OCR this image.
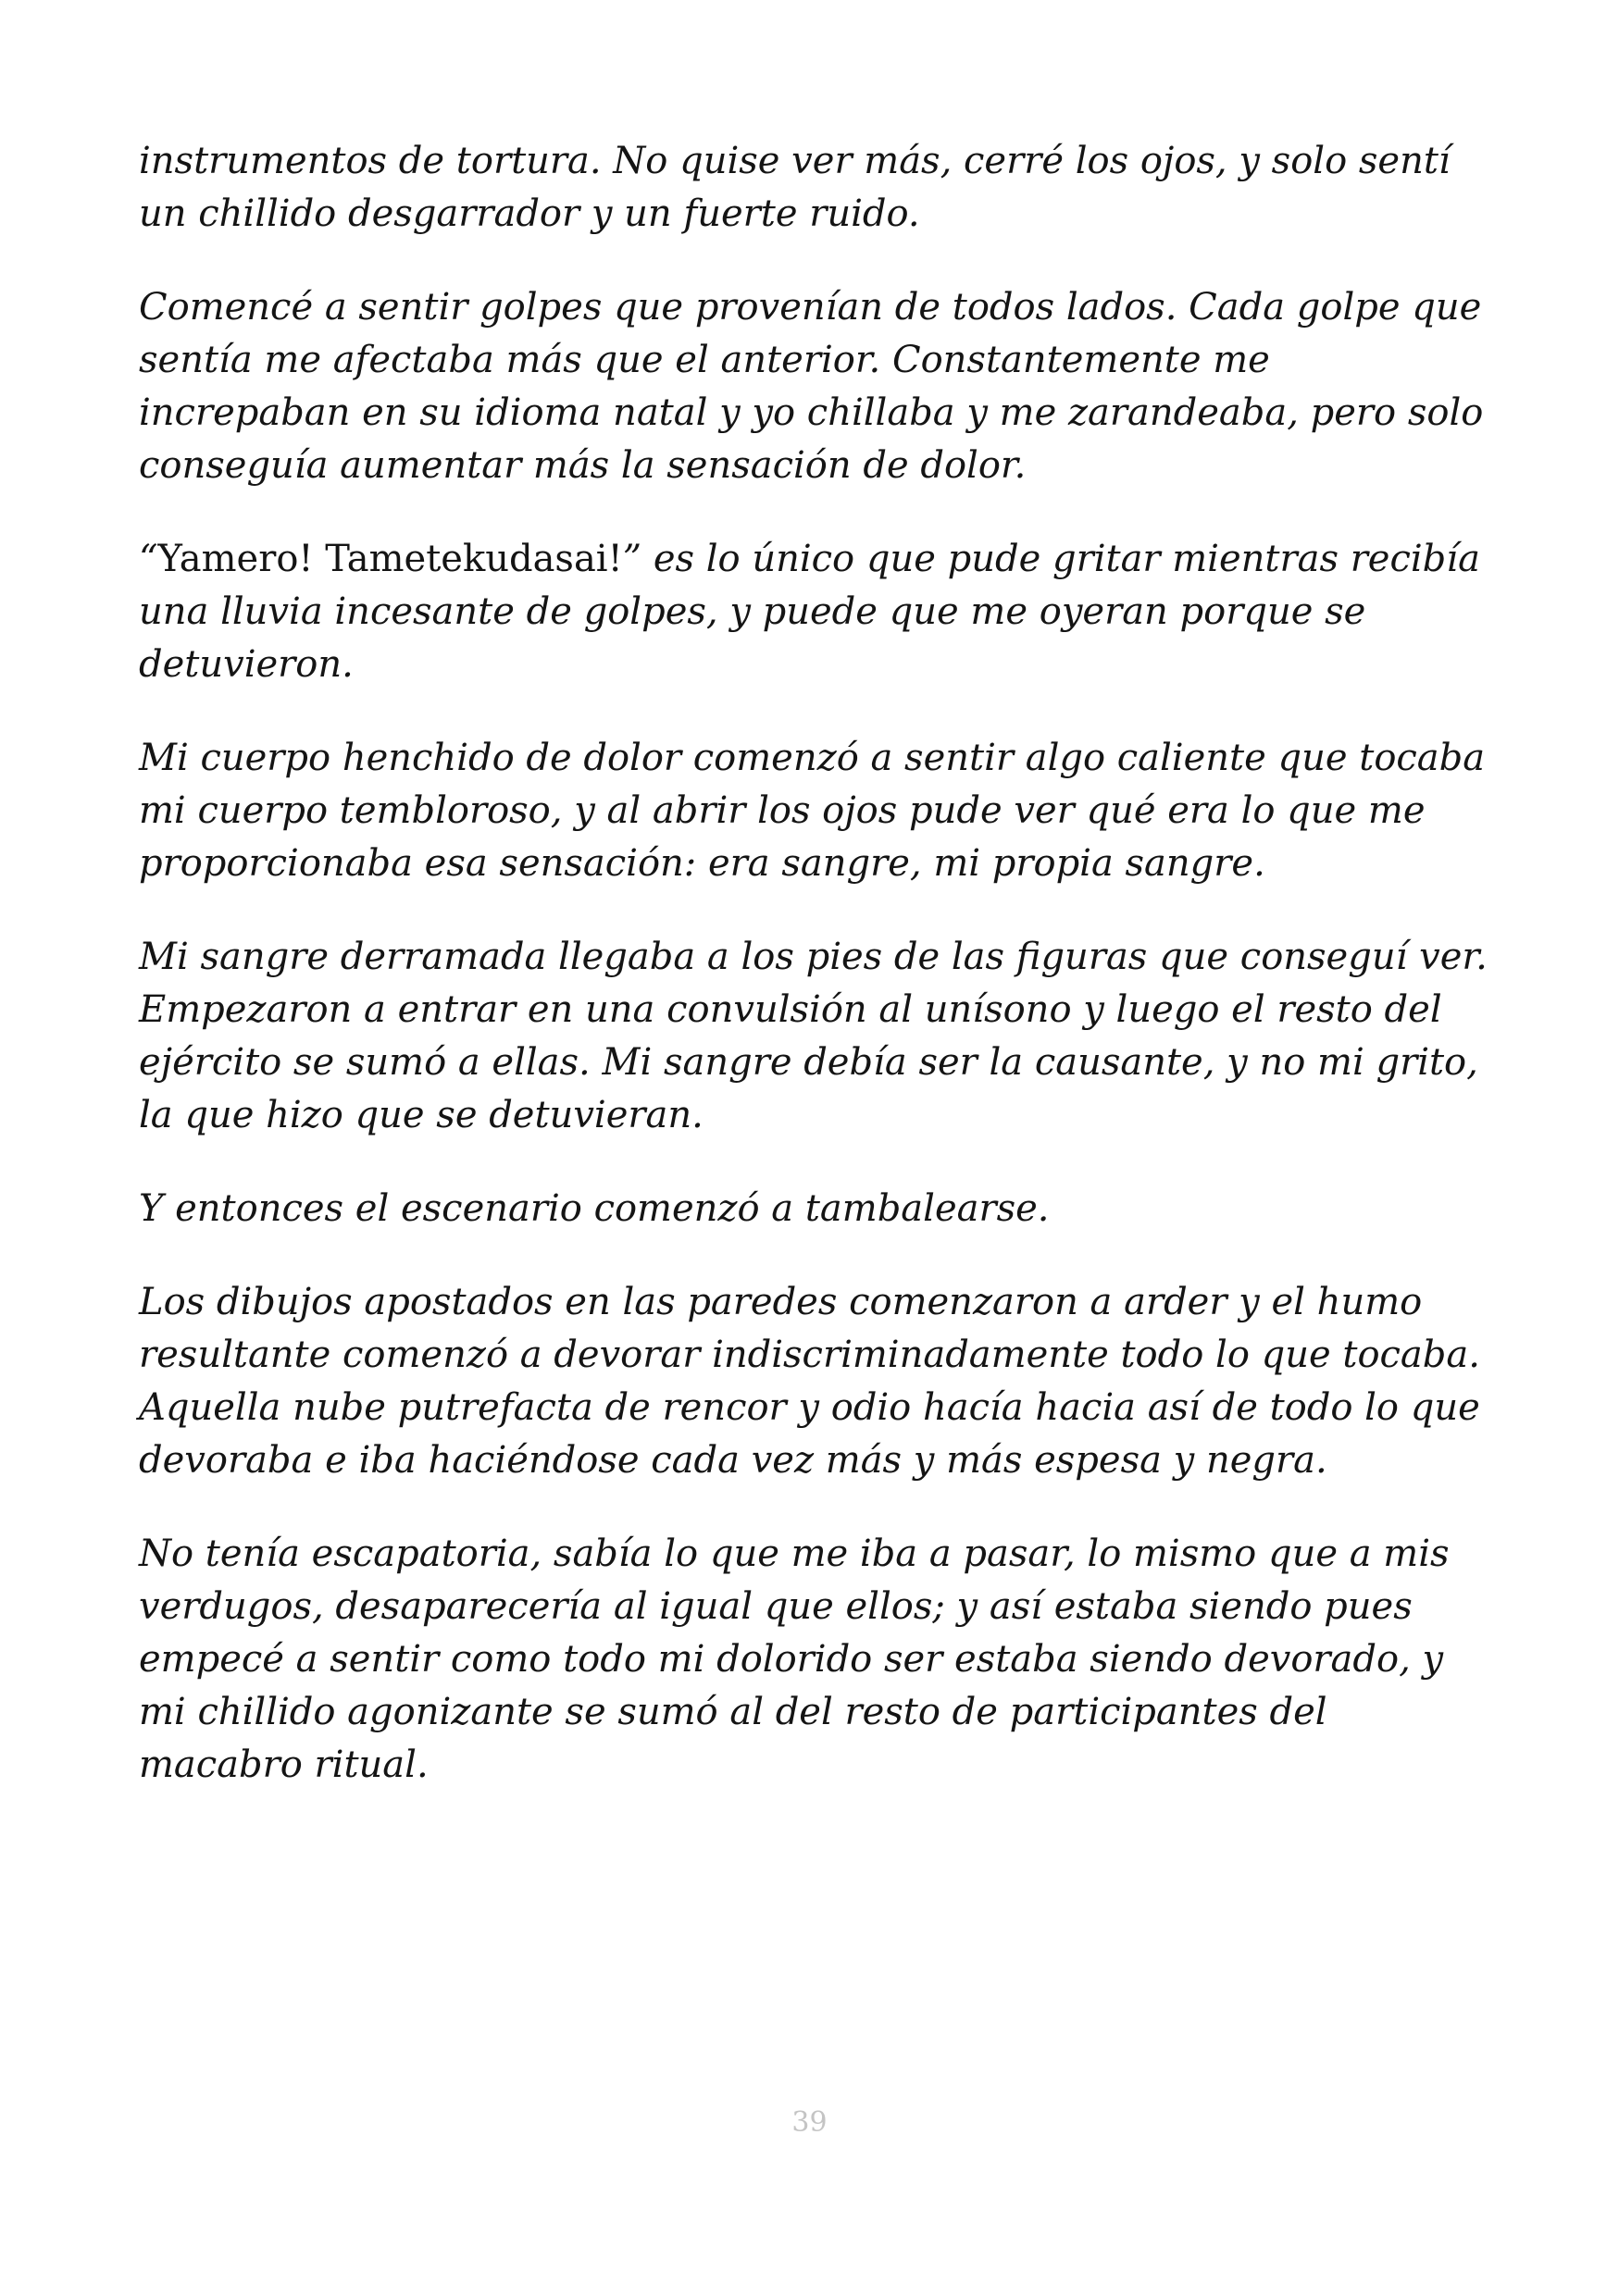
instrumentos de tortura. No quise ver más, cerré los ojos, y solo sentí un chillido desgarrador y un fuerte ruido.

Comencé a sentir golpes que provenían de todos lados. Cada golpe que sentía me afectaba más que el anterior. Constantemente me increpaban en su idioma natal y yo chillaba y me zarandeaba, pero solo conseguía aumentar más la sensación de dolor.

“Yamero! Tametekudasai!” es lo único que pude gritar mientras recibía una lluvia incesante de golpes, y puede que me oyeran porque se detuvieron.

Mi cuerpo henchido de dolor comenzó a sentir algo caliente que tocaba mi cuerpo tembloroso, y al abrir los ojos pude ver qué era lo que me proporcionaba esa sensación: era sangre, mi propia sangre.

Mi sangre derramada llegaba a los pies de las figuras que conseguí ver. Empezaron a entrar en una convulsión al unísono y luego el resto del ejército se sumó a ellas. Mi sangre debía ser la causante, y no mi grito, la que hizo que se detuvieran.

Y entonces el escenario comenzó a tambalearse.

Los dibujos apostados en las paredes comenzaron a arder y el humo resultante comenzó a devorar indiscriminadamente todo lo que tocaba. Aquella nube putrefacta de rencor y odio hacía hacia así de todo lo que devoraba e iba haciéndose cada vez más y más espesa y negra.

No tenía escapatoria, sabía lo que me iba a pasar, lo mismo que a mis verdugos, desaparecería al igual que ellos; y así estaba siendo pues empecé a sentir como todo mi dolorido ser estaba siendo devorado, y mi chillido agonizante se sumó al del resto de participantes del macabro ritual.

39
